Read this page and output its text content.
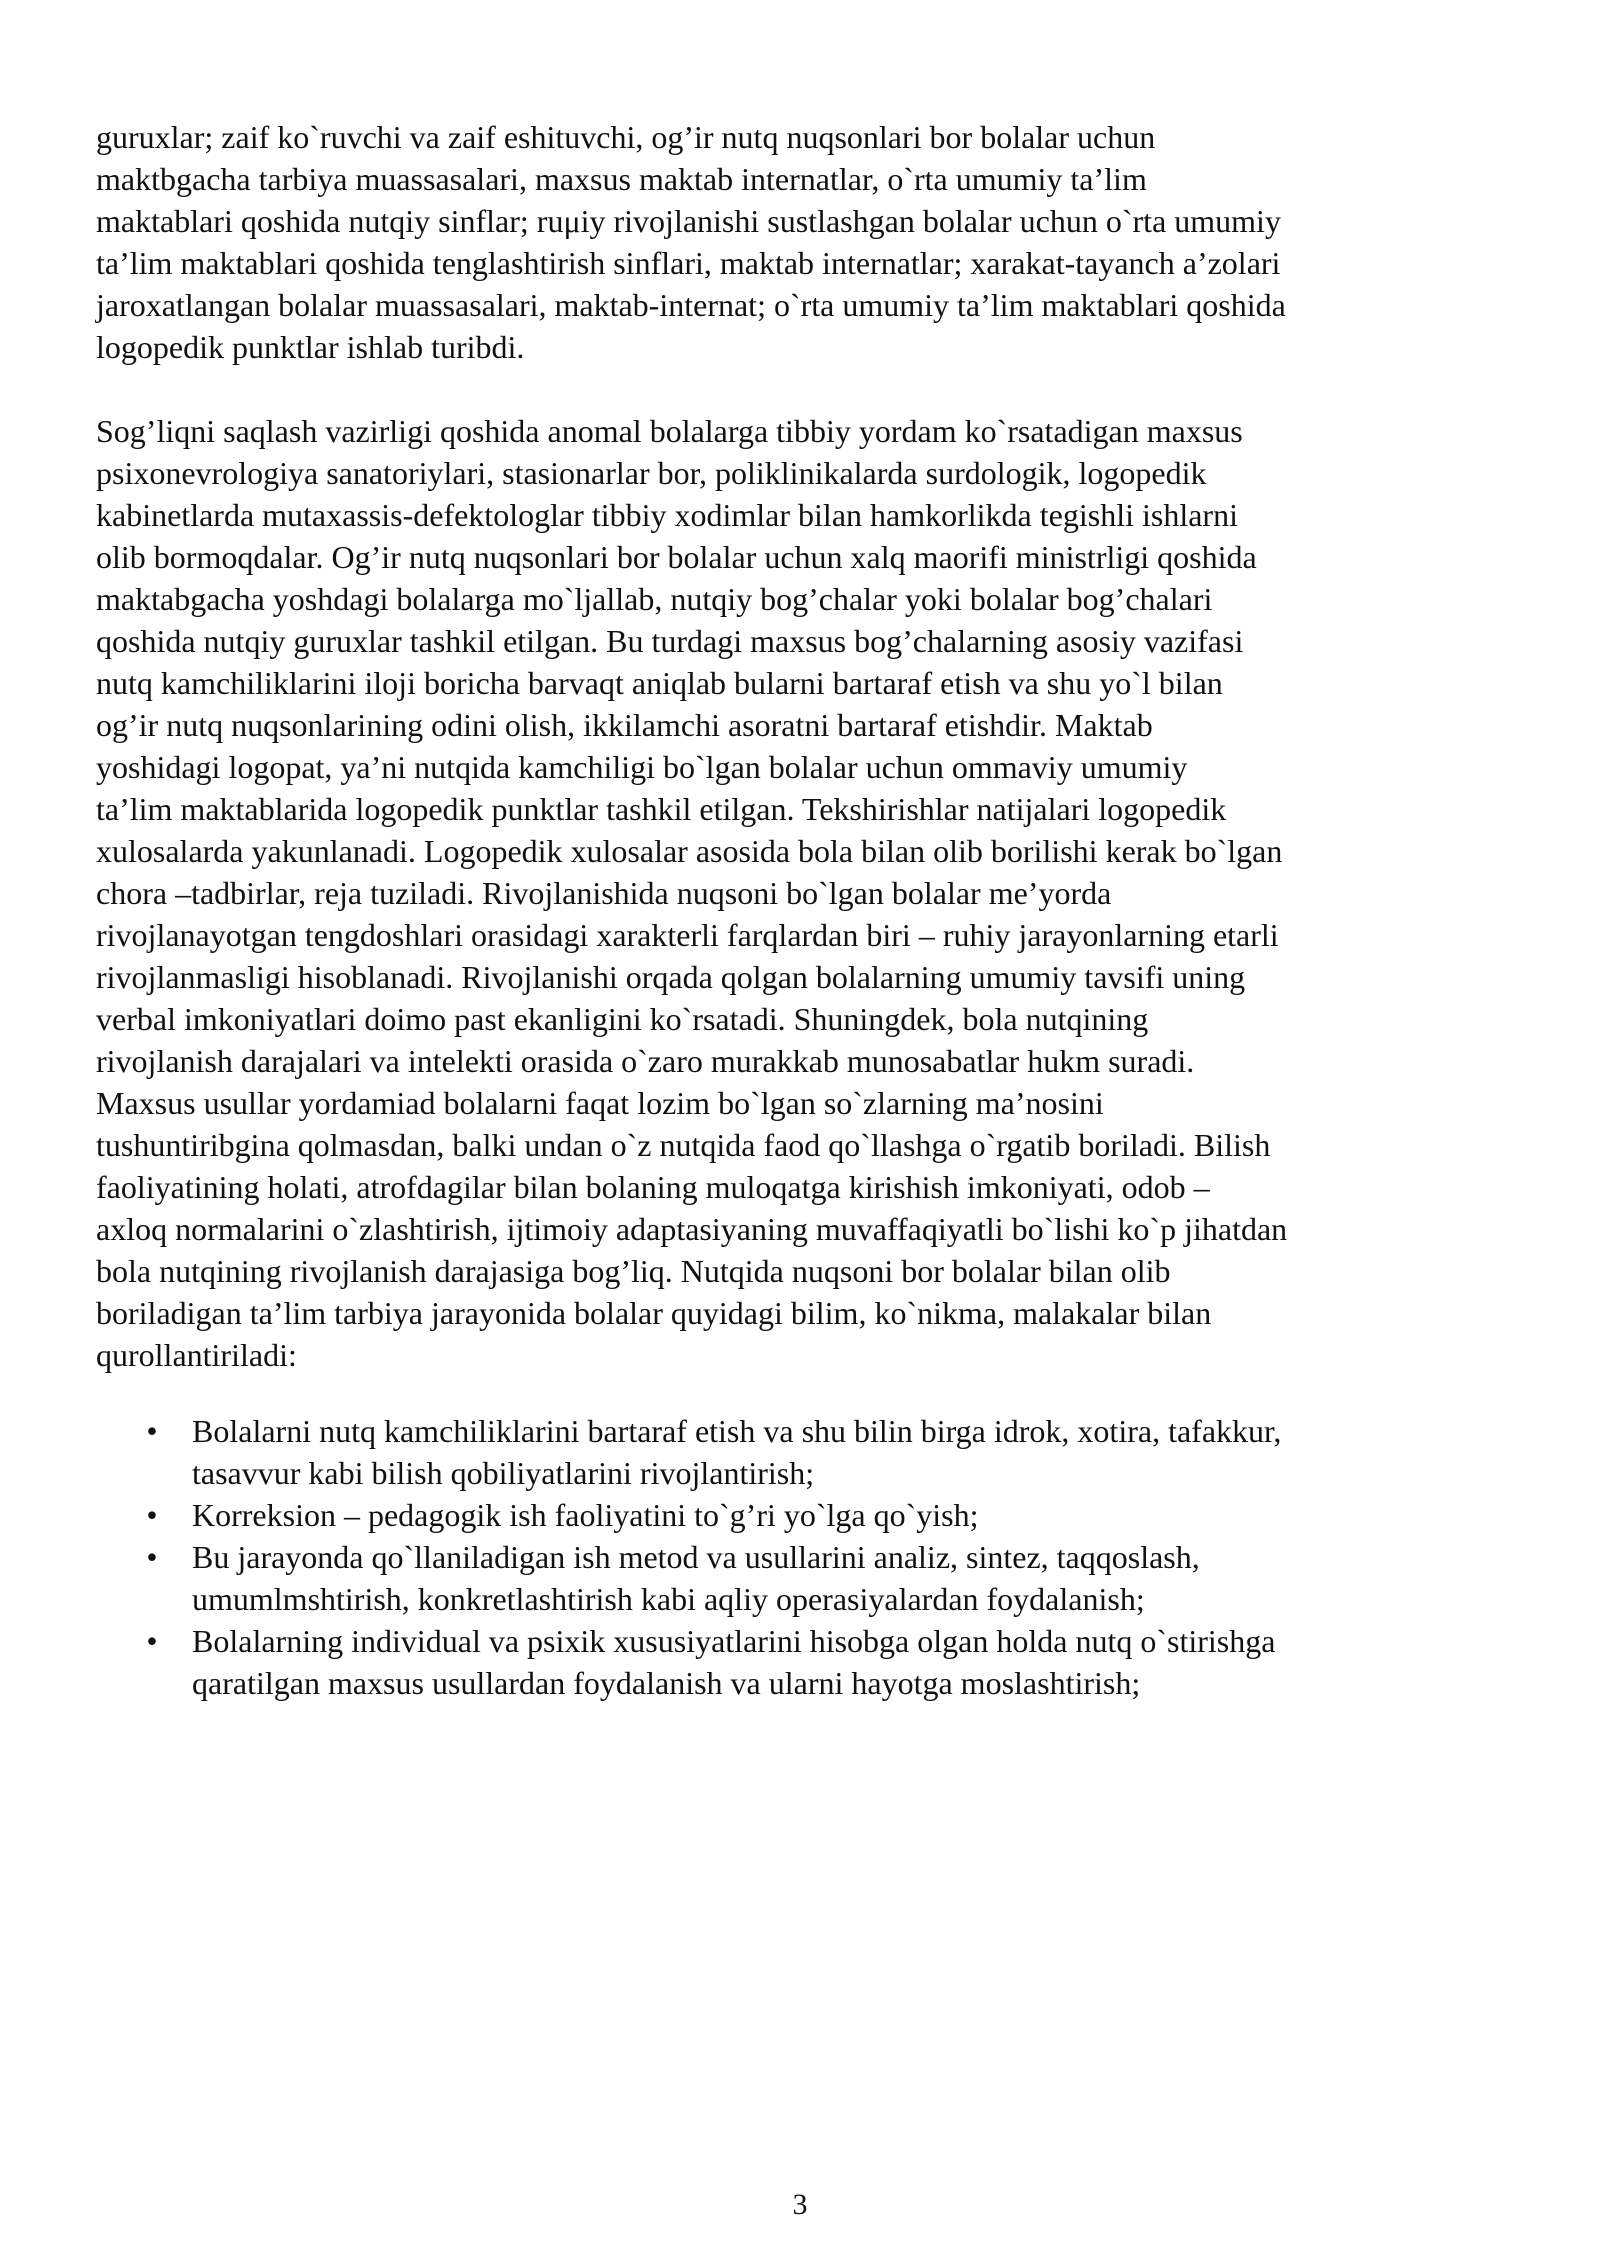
guruxlar; zaif ko`ruvchi va zaif eshituvchi, og’ir nutq nuqsonlari bor bolalar uchun
maktbgacha tarbiya muassasalari, maxsus maktab internatlar, o`rta umumiy ta’lim
maktablari qoshida nutqiy sinflar; ruμiy rivojlanishi sustlashgan bolalar uchun o`rta umumiy
ta’lim maktablari qoshida tenglashtirish sinflari, maktab internatlar; xarakat-tayanch a’zolari
jaroxatlangan bolalar muassasalari, maktab-internat; o`rta umumiy ta’lim maktablari qoshida
logopedik punktlar ishlab turibdi.
Sog’liqni saqlash vazirligi qoshida anomal bolalarga tibbiy yordam ko`rsatadigan maxsus
psixonevrologiya sanatoriylari, stasionarlar bor, poliklinikalarda surdologik, logopedik
kabinetlarda mutaxassis-defektologlar tibbiy xodimlar bilan hamkorlikda tegishli ishlarni
olib bormoqdalar. Og’ir nutq nuqsonlari bor bolalar uchun xalq maorifi ministrligi qoshida
maktabgacha yoshdagi bolalarga mo`ljallab, nutqiy bog’chalar yoki bolalar bog’chalari
qoshida nutqiy guruxlar tashkil etilgan. Bu turdagi maxsus bog’chalarning asosiy vazifasi
nutq kamchiliklarini iloji boricha barvaqt aniqlab bularni bartaraf etish va shu yo`l bilan
og’ir nutq nuqsonlarining odini olish, ikkilamchi asoratni bartaraf etishdir. Maktab
yoshidagi logopat, ya’ni nutqida kamchiligi bo`lgan bolalar uchun ommaviy umumiy
ta’lim maktablarida logopedik punktlar tashkil etilgan. Tekshirishlar natijalari logopedik
xulosalarda yakunlanadi. Logopedik xulosalar asosida bola bilan olib borilishi kerak bo`lgan
chora –tadbirlar, reja tuziladi. Rivojlanishida nuqsoni bo`lgan bolalar me’yorda
rivojlanayotgan tengdoshlari orasidagi xarakterli farqlardan biri – ruhiy jarayonlarning etarli
rivojlanmasligi hisoblanadi. Rivojlanishi orqada qolgan bolalarning umumiy tavsifi uning
verbal imkoniyatlari doimo past ekanligini ko`rsatadi. Shuningdek, bola nutqining
rivojlanish darajalari va intelekti orasida o`zaro murakkab munosabatlar hukm suradi.
Maxsus usullar yordamiad bolalarni faqat lozim bo`lgan so`zlarning ma’nosini
tushuntiribgina qolmasdan, balki undan o`z nutqida faod qo`llashga o`rgatib boriladi. Bilish
faoliyatining holati, atrofdagilar bilan bolaning muloqatga kirishish imkoniyati, odob –
axloq normalarini o`zlashtirish, ijtimoiy adaptasiyaning muvaffaqiyatli bo`lishi ko`p jihatdan
bola nutqining rivojlanish darajasiga bog’liq. Nutqida nuqsoni bor bolalar bilan olib
boriladigan ta’lim tarbiya jarayonida bolalar quyidagi bilim, ko`nikma, malakalar bilan
qurollantiriladi:
• Bolalarni nutq kamchiliklarini bartaraf etish va shu bilin birga idrok, xotira, tafakkur,
tasavvur kabi bilish qobiliyatlarini rivojlantirish;
• Korreksion – pedagogik ish faoliyatini to`g’ri yo`lga qo`yish;
• Bu jarayonda qo`llaniladigan ish metod va usullarini analiz, sintez, taqqoslash,
umumlmshtirish, konkretlashtirish kabi aqliy operasiyalardan foydalanish;
• Bolalarning individual va psixik xususiyatlarini hisobga olgan holda nutq o`stirishga
qaratilgan maxsus usullardan foydalanish va ularni hayotga moslashtirish;
3
